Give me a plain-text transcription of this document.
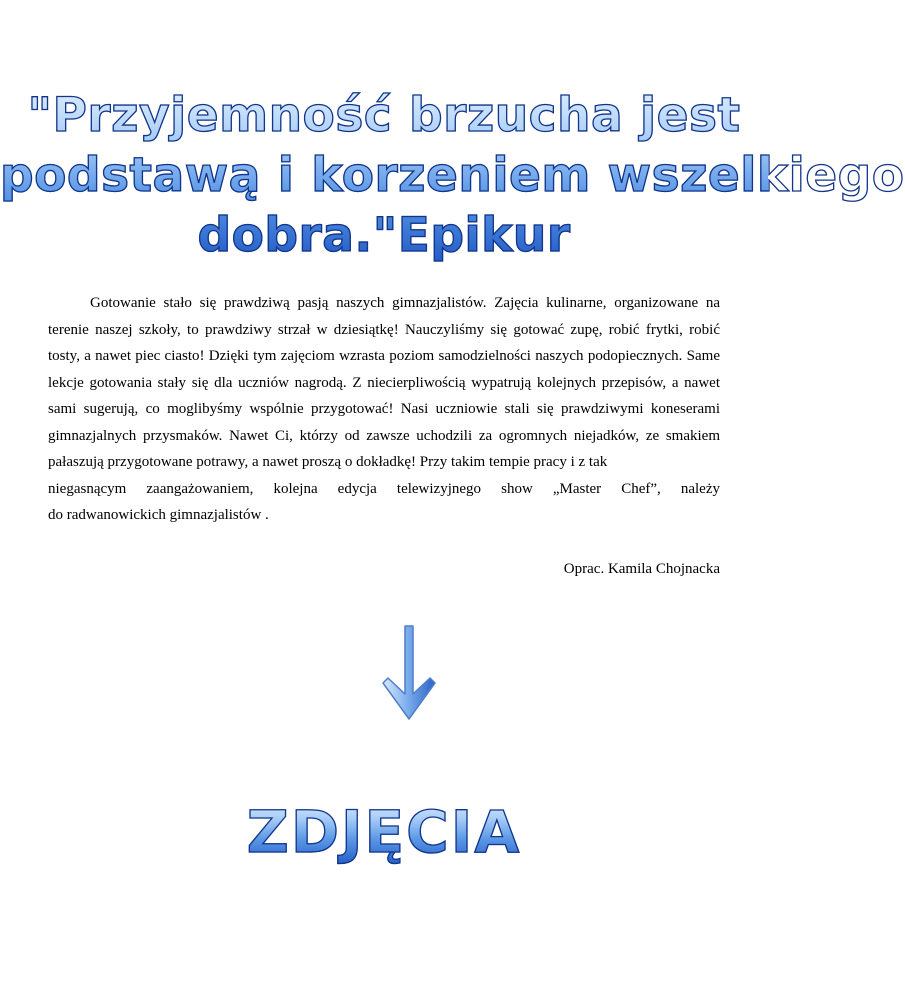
"Przyjemność brzucha jest
podstawą i korzeniem wszelkiego
dobra."Epikur

Gotowanie stało się prawdziwą pasją naszych gimnazjalistów. Zajęcia kulinarne, organizowane na terenie naszej szkoły, to prawdziwy strzał w dziesiątkę! Nauczyliśmy się gotować zupę, robić frytki, robić tosty, a nawet piec ciasto! Dzięki tym zajęciom wzrasta poziom samodzielności naszych podopiecznych. Same lekcje gotowania stały się dla uczniów nagrodą. Z niecierpliwością wypatrują kolejnych przepisów, a nawet sami sugerują, co moglibyśmy wspólnie przygotować! Nasi uczniowie stali się prawdziwymi koneserami gimnazjalnych przysmaków. Nawet Ci, którzy od zawsze uchodzili za ogromnych niejadków, ze smakiem pałaszują przygotowane potrawy, a nawet proszą o dokładkę! Przy takim tempie pracy i z tak

niegasnącym zaangażowaniem, kolejna edycja telewizyjnego show „Master Chef”, należy

do radwanowickich gimnazjalistów .

Oprac. Kamila Chojnacka
ZDJĘCIA
